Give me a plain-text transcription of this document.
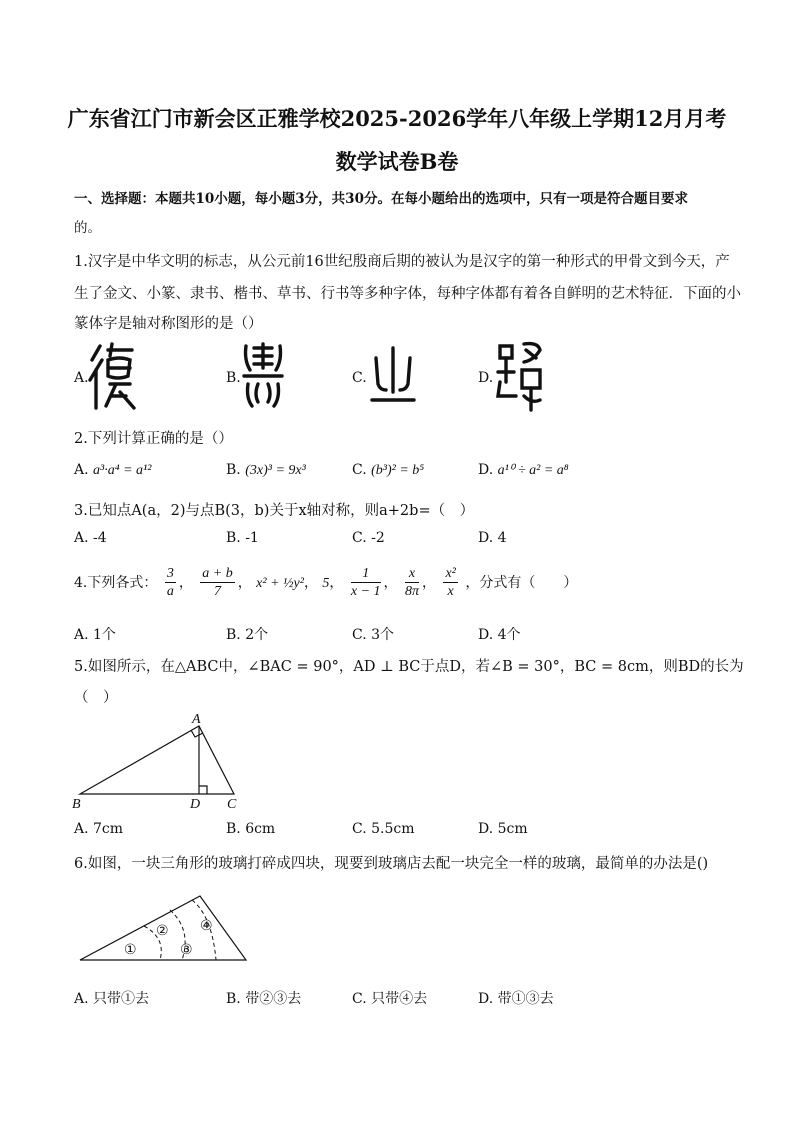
广东省江门市新会区正雅学校2025-2026学年八年级上学期12月月考
数学试卷B卷
一、选择题：本题共10小题，每小题3分，共30分。在每小题给出的选项中，只有一项是符合题目要求
的。
1.汉字是中华文明的标志，从公元前16世纪殷商后期的被认为是汉字的第一种形式的甲骨文到今天，产
生了金文、小篆、隶书、楷书、草书、行书等多种字体，每种字体都有着各自鲜明的艺术特征．下面的小
篆体字是轴对称图形的是（）
A.	B.	C.	D.
2.下列计算正确的是（）
A. a³·a⁴ = a¹²	B. (3x)³ = 9x³	C. (b³)² = b⁵	D. a¹⁰ ÷ a² = a⁸
3.已知点A(a，2)与点B(3，b)关于x轴对称，则a+2b=（　）
A. -4	B. -1	C. -2	D. 4
4.下列各式： $\frac{3}{a}$ ， $\frac{a + b}{7}$ ， x² + ½y²， 5， $\frac{1}{x - 1}$ ， $\frac{x}{8\pi}$ ， $\frac{\text{x²}}{x}$ ，分式有（　　）
A. 1个	B. 2个	C. 3个	D. 4个
5.如图所示，在△ABC中，∠BAC = 90°，AD ⊥ BC于点D，若∠B = 30°，BC = 8cm，则BD的长为
（　）
A
B	D C
A. 7cm	B. 6cm	C. 5.5cm	D. 5cm
6.如图，一块三角形的玻璃打碎成四块，现要到玻璃店去配一块完全一样的玻璃，最简单的办法是()
①
②
③
④
A. 只带①去	B. 带②③去	C. 只带④去	D. 带①③去
